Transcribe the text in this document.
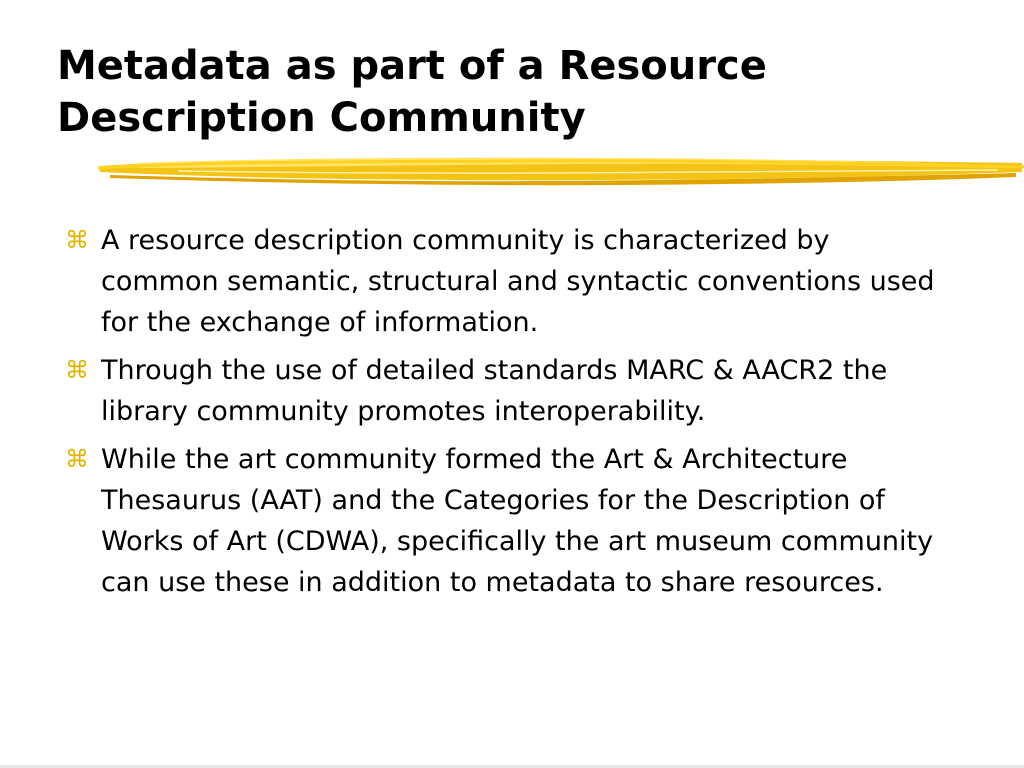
Metadata as part of a Resource
Description Community
⌘ A resource description community is characterized by common semantic, structural and syntactic conventions used for the exchange of information.
⌘ Through the use of detailed standards MARC & AACR2 the library community promotes interoperability.
⌘ While the art community formed the Art & Architecture Thesaurus (AAT) and the Categories for the Description of Works of Art (CDWA), specifically the art museum community can use these in addition to metadata to share resources.
